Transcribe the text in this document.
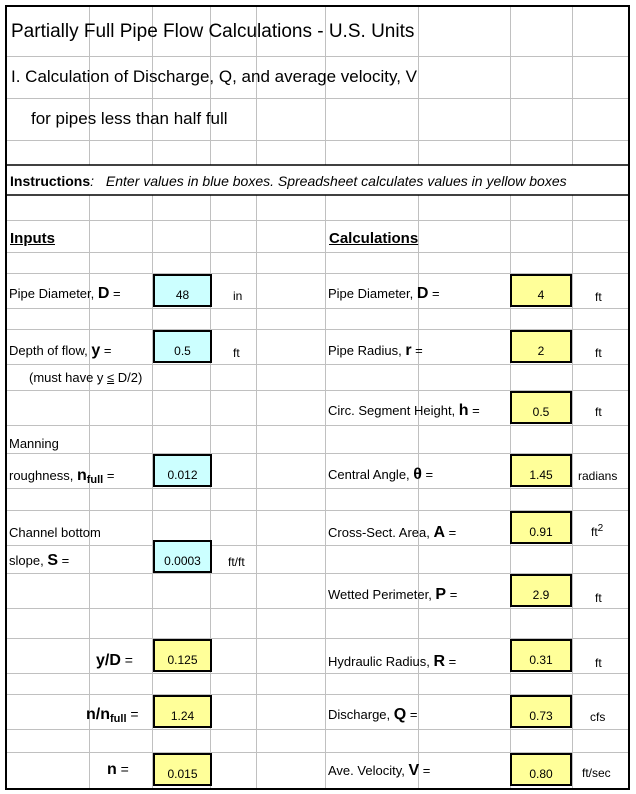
Partially Full Pipe Flow Calculations - U.S. Units
I. Calculation of Discharge, Q, and average velocity, V
for pipes less than half full
Instructions: Enter values in blue boxes. Spreadsheet calculates values in yellow boxes
Inputs	Calculations
Pipe Diameter, D =	48	in
Depth of flow, y =	0.5	ft
(must have y ≤ D/2)
Manning
roughness, $n_{full}$ =	0.012
Channel bottom
slope, S =	0.0003	ft/ft
y/D =	0.125
$n/n_{full}$ =	1.24
n =	0.015
Pipe Diameter, D =	4	ft
Pipe Radius, r =	2	ft
Circ. Segment Height, h =	0.5	ft
Central Angle, θ =	1.45	radians
Cross-Sect. Area, A =	0.91	$ft^2$
Wetted Perimeter, P =	2.9	ft
Hydraulic Radius, R =	0.31	ft
Discharge, Q =	0.73	cfs
Ave. Velocity, V =	0.80	ft/sec
